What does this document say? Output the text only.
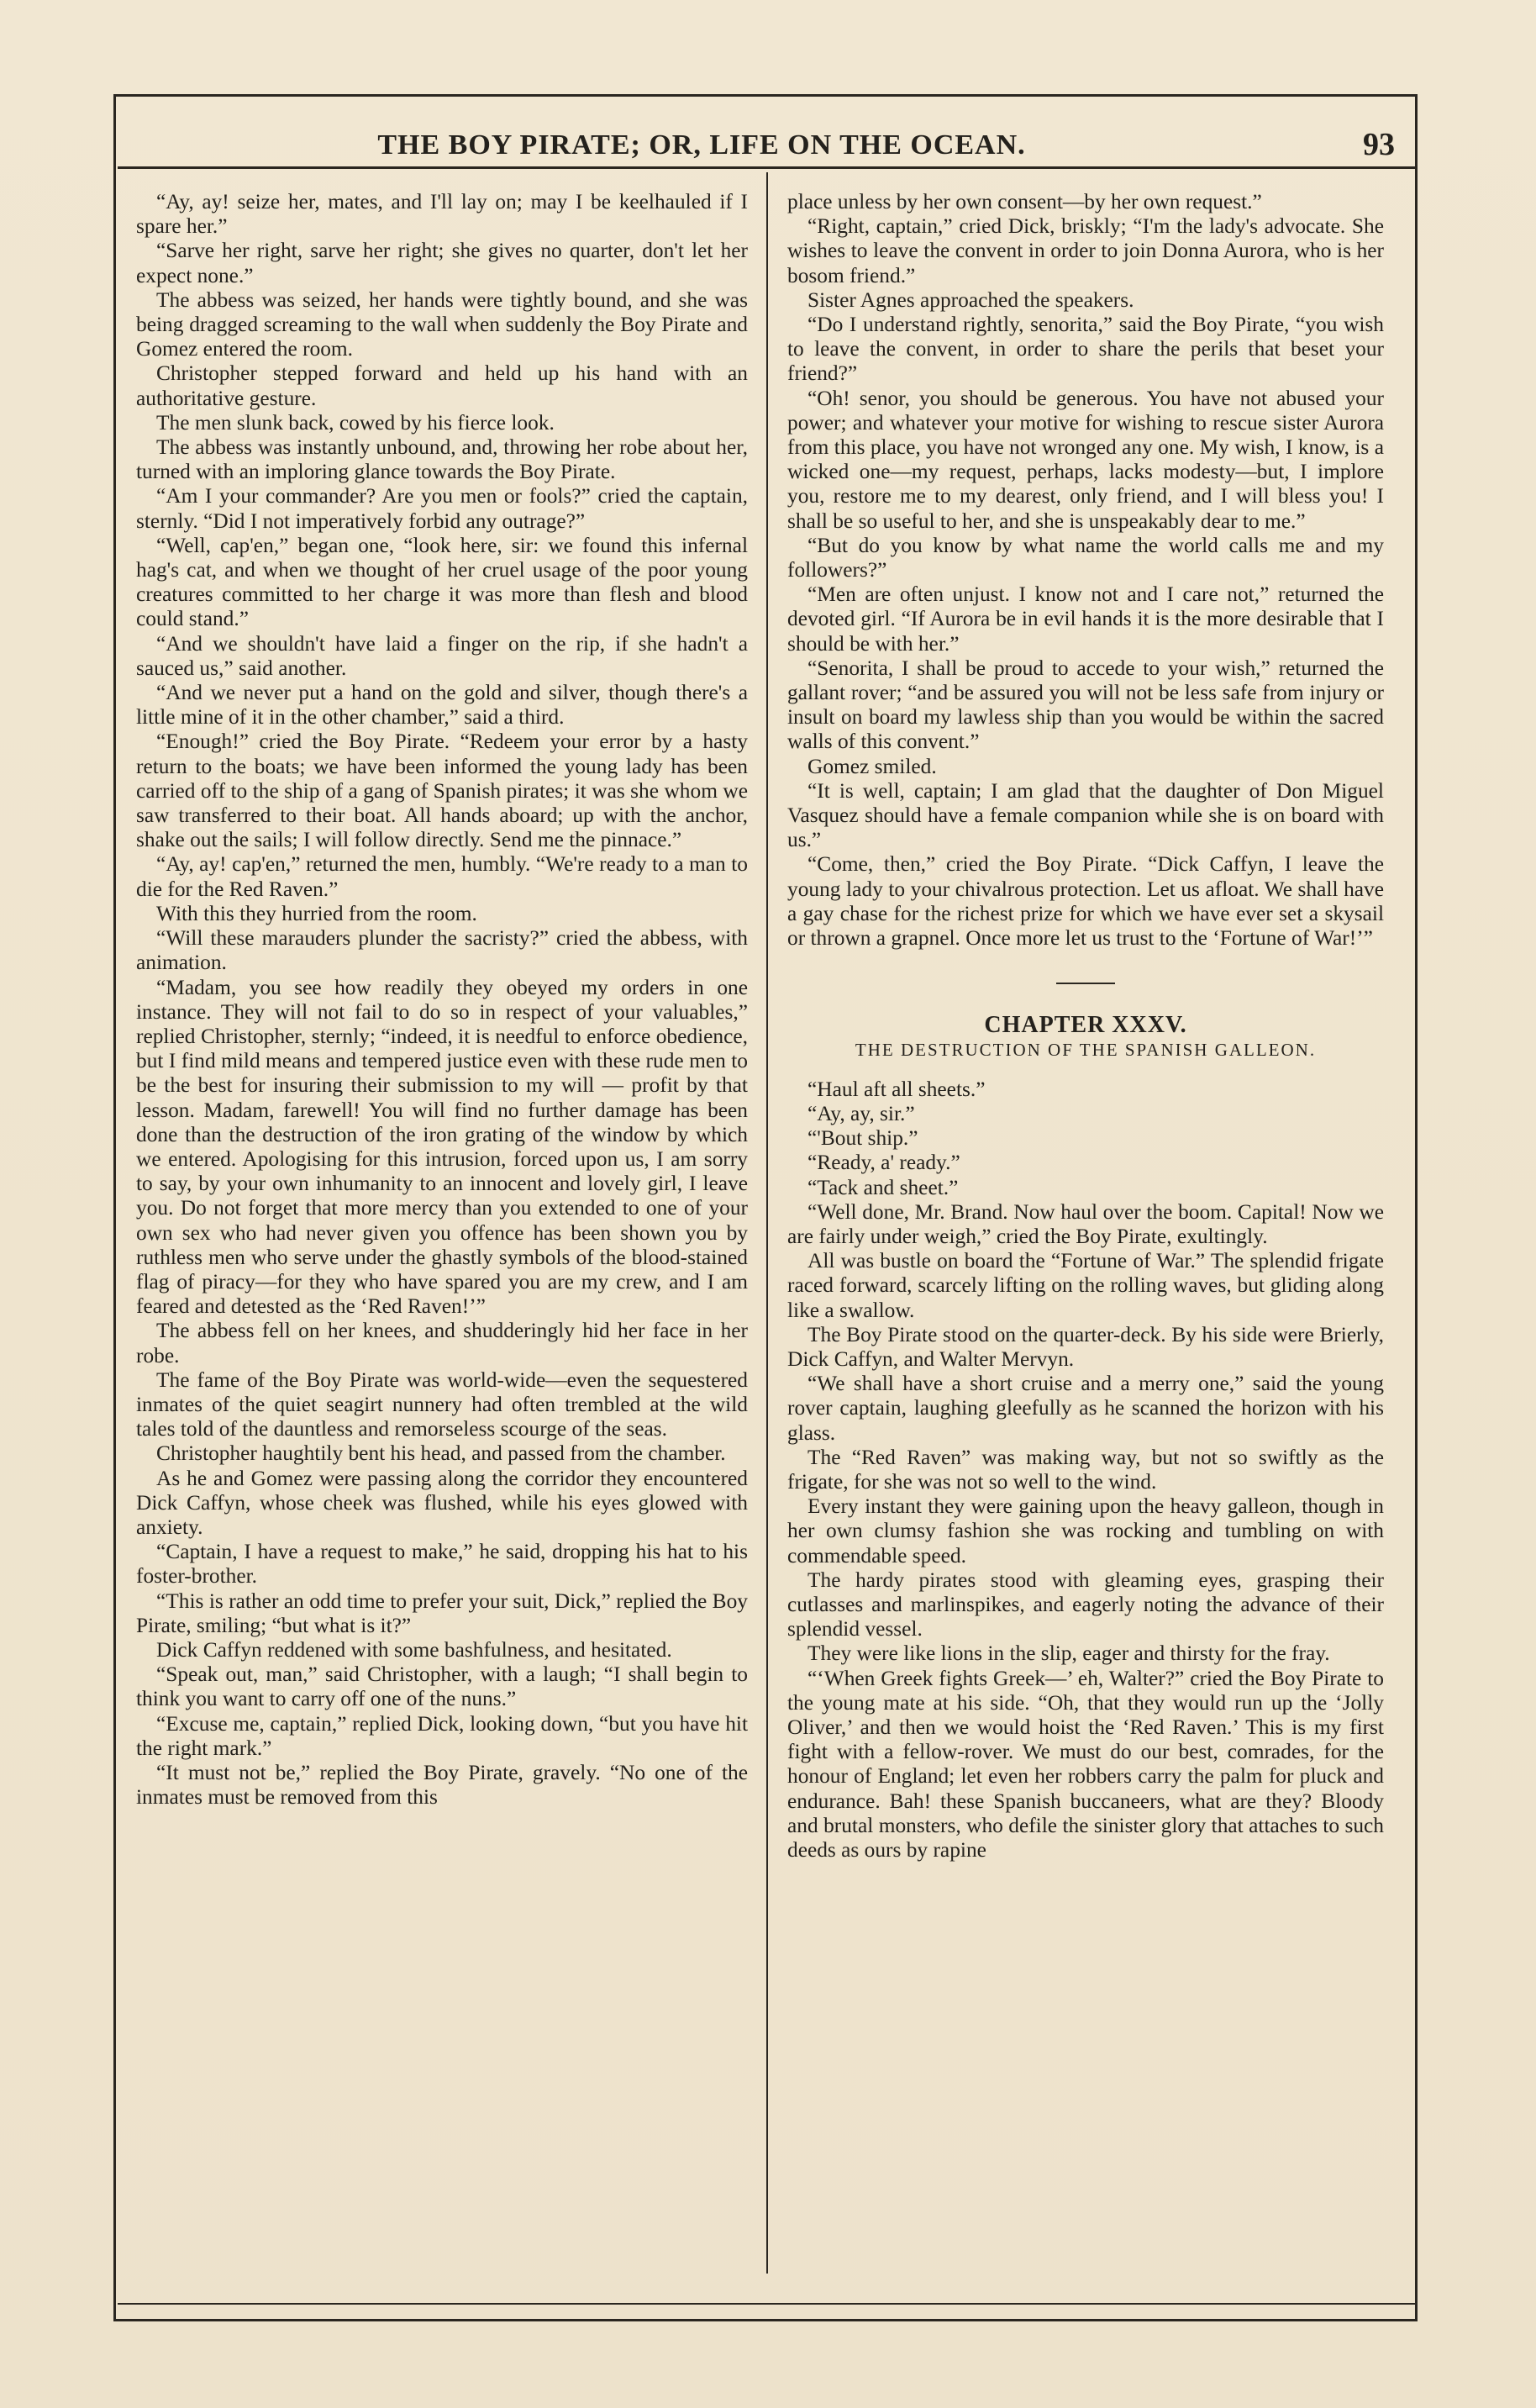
THE BOY PIRATE; OR, LIFE ON THE OCEAN.	93

“Ay, ay! seize her, mates, and I'll lay on; may I be keelhauled if I spare her.”

“Sarve her right, sarve her right; she gives no quarter, don't let her expect none.”

The abbess was seized, her hands were tightly bound, and she was being dragged screaming to the wall when suddenly the Boy Pirate and Gomez entered the room.

Christopher stepped forward and held up his hand with an authoritative gesture.

The men slunk back, cowed by his fierce look.

The abbess was instantly unbound, and, throwing her robe about her, turned with an imploring glance towards the Boy Pirate.

“Am I your commander? Are you men or fools?” cried the captain, sternly. “Did I not imperatively forbid any outrage?”

“Well, cap'en,” began one, “look here, sir: we found this infernal hag's cat, and when we thought of her cruel usage of the poor young creatures committed to her charge it was more than flesh and blood could stand.”

“And we shouldn't have laid a finger on the rip, if she hadn't a sauced us,” said another.

“And we never put a hand on the gold and silver, though there's a little mine of it in the other chamber,” said a third.

“Enough!” cried the Boy Pirate. “Redeem your error by a hasty return to the boats; we have been informed the young lady has been carried off to the ship of a gang of Spanish pirates; it was she whom we saw transferred to their boat. All hands aboard; up with the anchor, shake out the sails; I will follow directly. Send me the pinnace.”

“Ay, ay! cap'en,” returned the men, humbly. “We're ready to a man to die for the Red Raven.”

With this they hurried from the room.

“Will these marauders plunder the sacristy?” cried the abbess, with animation.

“Madam, you see how readily they obeyed my orders in one instance. They will not fail to do so in respect of your valuables,” replied Christopher, sternly; “indeed, it is needful to enforce obedience, but I find mild means and tempered justice even with these rude men to be the best for insuring their submission to my will — profit by that lesson. Madam, farewell! You will find no further damage has been done than the destruction of the iron grating of the window by which we entered. Apologising for this intrusion, forced upon us, I am sorry to say, by your own inhumanity to an innocent and lovely girl, I leave you. Do not forget that more mercy than you extended to one of your own sex who had never given you offence has been shown you by ruthless men who serve under the ghastly symbols of the blood-stained flag of piracy—for they who have spared you are my crew, and I am feared and detested as the ‘Red Raven!’”

The abbess fell on her knees, and shudderingly hid her face in her robe.

The fame of the Boy Pirate was world-wide—even the sequestered inmates of the quiet seagirt nunnery had often trembled at the wild tales told of the dauntless and remorseless scourge of the seas.

Christopher haughtily bent his head, and passed from the chamber.

As he and Gomez were passing along the corridor they encountered Dick Caffyn, whose cheek was flushed, while his eyes glowed with anxiety.

“Captain, I have a request to make,” he said, dropping his hat to his foster-brother.

“This is rather an odd time to prefer your suit, Dick,” replied the Boy Pirate, smiling; “but what is it?”

Dick Caffyn reddened with some bashfulness, and hesitated.

“Speak out, man,” said Christopher, with a laugh; “I shall begin to think you want to carry off one of the nuns.”

“Excuse me, captain,” replied Dick, looking down, “but you have hit the right mark.”

“It must not be,” replied the Boy Pirate, gravely. “No one of the inmates must be removed from this

place unless by her own consent—by her own request.”

“Right, captain,” cried Dick, briskly; “I'm the lady's advocate. She wishes to leave the convent in order to join Donna Aurora, who is her bosom friend.”

Sister Agnes approached the speakers.

“Do I understand rightly, senorita,” said the Boy Pirate, “you wish to leave the convent, in order to share the perils that beset your friend?”

“Oh! senor, you should be generous. You have not abused your power; and whatever your motive for wishing to rescue sister Aurora from this place, you have not wronged any one. My wish, I know, is a wicked one—my request, perhaps, lacks modesty—but, I implore you, restore me to my dearest, only friend, and I will bless you! I shall be so useful to her, and she is unspeakably dear to me.”

“But do you know by what name the world calls me and my followers?”

“Men are often unjust. I know not and I care not,” returned the devoted girl. “If Aurora be in evil hands it is the more desirable that I should be with her.”

“Senorita, I shall be proud to accede to your wish,” returned the gallant rover; “and be assured you will not be less safe from injury or insult on board my lawless ship than you would be within the sacred walls of this convent.”

Gomez smiled.

“It is well, captain; I am glad that the daughter of Don Miguel Vasquez should have a female companion while she is on board with us.”

“Come, then,” cried the Boy Pirate. “Dick Caffyn, I leave the young lady to your chivalrous protection. Let us afloat. We shall have a gay chase for the richest prize for which we have ever set a skysail or thrown a grapnel. Once more let us trust to the ‘Fortune of War!’”

CHAPTER XXXV.

THE DESTRUCTION OF THE SPANISH GALLEON.

“Haul aft all sheets.”

“Ay, ay, sir.”

“'Bout ship.”

“Ready, a' ready.”

“Tack and sheet.”

“Well done, Mr. Brand. Now haul over the boom. Capital! Now we are fairly under weigh,” cried the Boy Pirate, exultingly.

All was bustle on board the “Fortune of War.” The splendid frigate raced forward, scarcely lifting on the rolling waves, but gliding along like a swallow.

The Boy Pirate stood on the quarter-deck. By his side were Brierly, Dick Caffyn, and Walter Mervyn.

“We shall have a short cruise and a merry one,” said the young rover captain, laughing gleefully as he scanned the horizon with his glass.

The “Red Raven” was making way, but not so swiftly as the frigate, for she was not so well to the wind.

Every instant they were gaining upon the heavy galleon, though in her own clumsy fashion she was rocking and tumbling on with commendable speed.

The hardy pirates stood with gleaming eyes, grasping their cutlasses and marlinspikes, and eagerly noting the advance of their splendid vessel.

They were like lions in the slip, eager and thirsty for the fray.

“‘When Greek fights Greek—’ eh, Walter?” cried the Boy Pirate to the young mate at his side. “Oh, that they would run up the ‘Jolly Oliver,’ and then we would hoist the ‘Red Raven.’ This is my first fight with a fellow-rover. We must do our best, comrades, for the honour of England; let even her robbers carry the palm for pluck and endurance. Bah! these Spanish buccaneers, what are they? Bloody and brutal monsters, who defile the sinister glory that attaches to such deeds as ours by rapine
